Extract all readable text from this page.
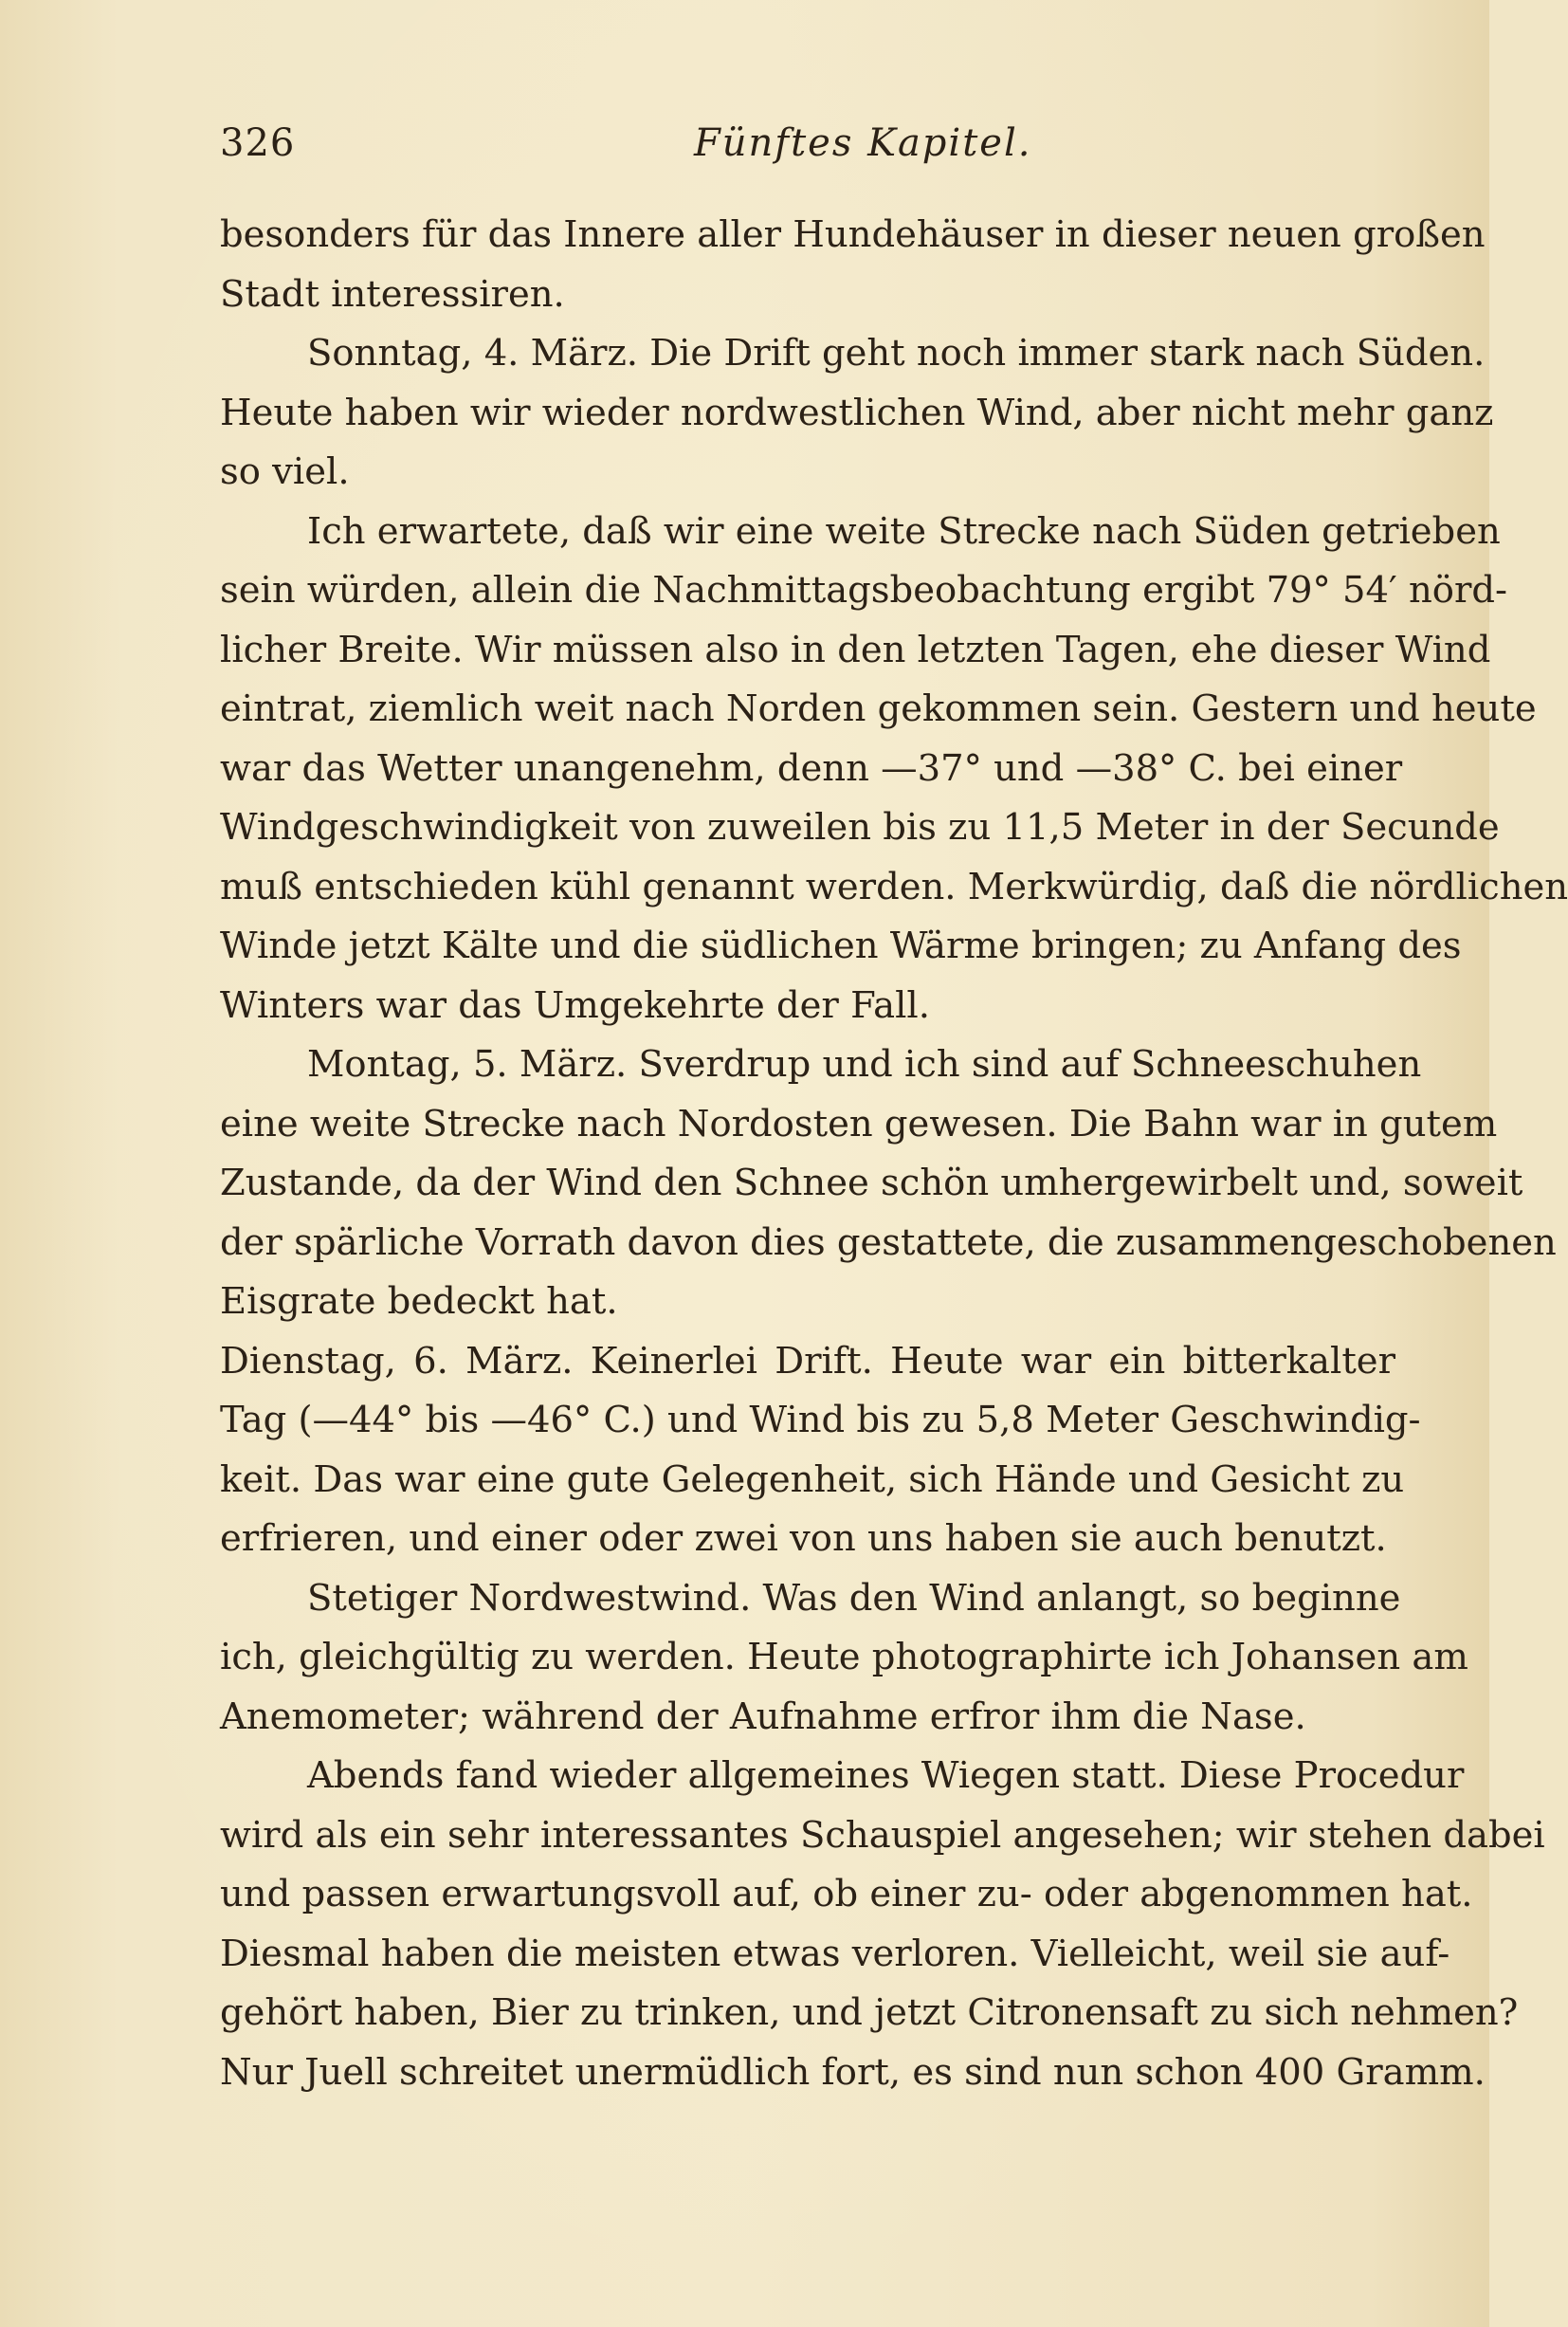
326	Fünftes Kapitel.
besonders für das Innere aller Hundehäuser in dieser neuen großen
Stadt interessiren.
Sonntag, 4. März. Die Drift geht noch immer stark nach Süden.
Heute haben wir wieder nordwestlichen Wind, aber nicht mehr ganz
so viel.
Ich erwartete, daß wir eine weite Strecke nach Süden getrieben
sein würden, allein die Nachmittagsbeobachtung ergibt 79° 54′ nörd-
licher Breite. Wir müssen also in den letzten Tagen, ehe dieser Wind
eintrat, ziemlich weit nach Norden gekommen sein. Gestern und heute
war das Wetter unangenehm, denn —37° und —38° C. bei einer
Windgeschwindigkeit von zuweilen bis zu 11,5 Meter in der Secunde
muß entschieden kühl genannt werden. Merkwürdig, daß die nördlichen
Winde jetzt Kälte und die südlichen Wärme bringen; zu Anfang des
Winters war das Umgekehrte der Fall.
Montag, 5. März. Sverdrup und ich sind auf Schneeschuhen
eine weite Strecke nach Nordosten gewesen. Die Bahn war in gutem
Zustande, da der Wind den Schnee schön umhergewirbelt und, soweit
der spärliche Vorrath davon dies gestattete, die zusammengeschobenen
Eisgrate bedeckt hat.
Dienstag, 6. März. Keinerlei Drift. Heute war ein bitterkalter
Tag (—44° bis —46° C.) und Wind bis zu 5,8 Meter Geschwindig-
keit. Das war eine gute Gelegenheit, sich Hände und Gesicht zu
erfrieren, und einer oder zwei von uns haben sie auch benutzt.
Stetiger Nordwestwind. Was den Wind anlangt, so beginne
ich, gleichgültig zu werden. Heute photographirte ich Johansen am
Anemometer; während der Aufnahme erfror ihm die Nase.
Abends fand wieder allgemeines Wiegen statt. Diese Procedur
wird als ein sehr interessantes Schauspiel angesehen; wir stehen dabei
und passen erwartungsvoll auf, ob einer zu- oder abgenommen hat.
Diesmal haben die meisten etwas verloren. Vielleicht, weil sie auf-
gehört haben, Bier zu trinken, und jetzt Citronensaft zu sich nehmen?
Nur Juell schreitet unermüdlich fort, es sind nun schon 400 Gramm.
